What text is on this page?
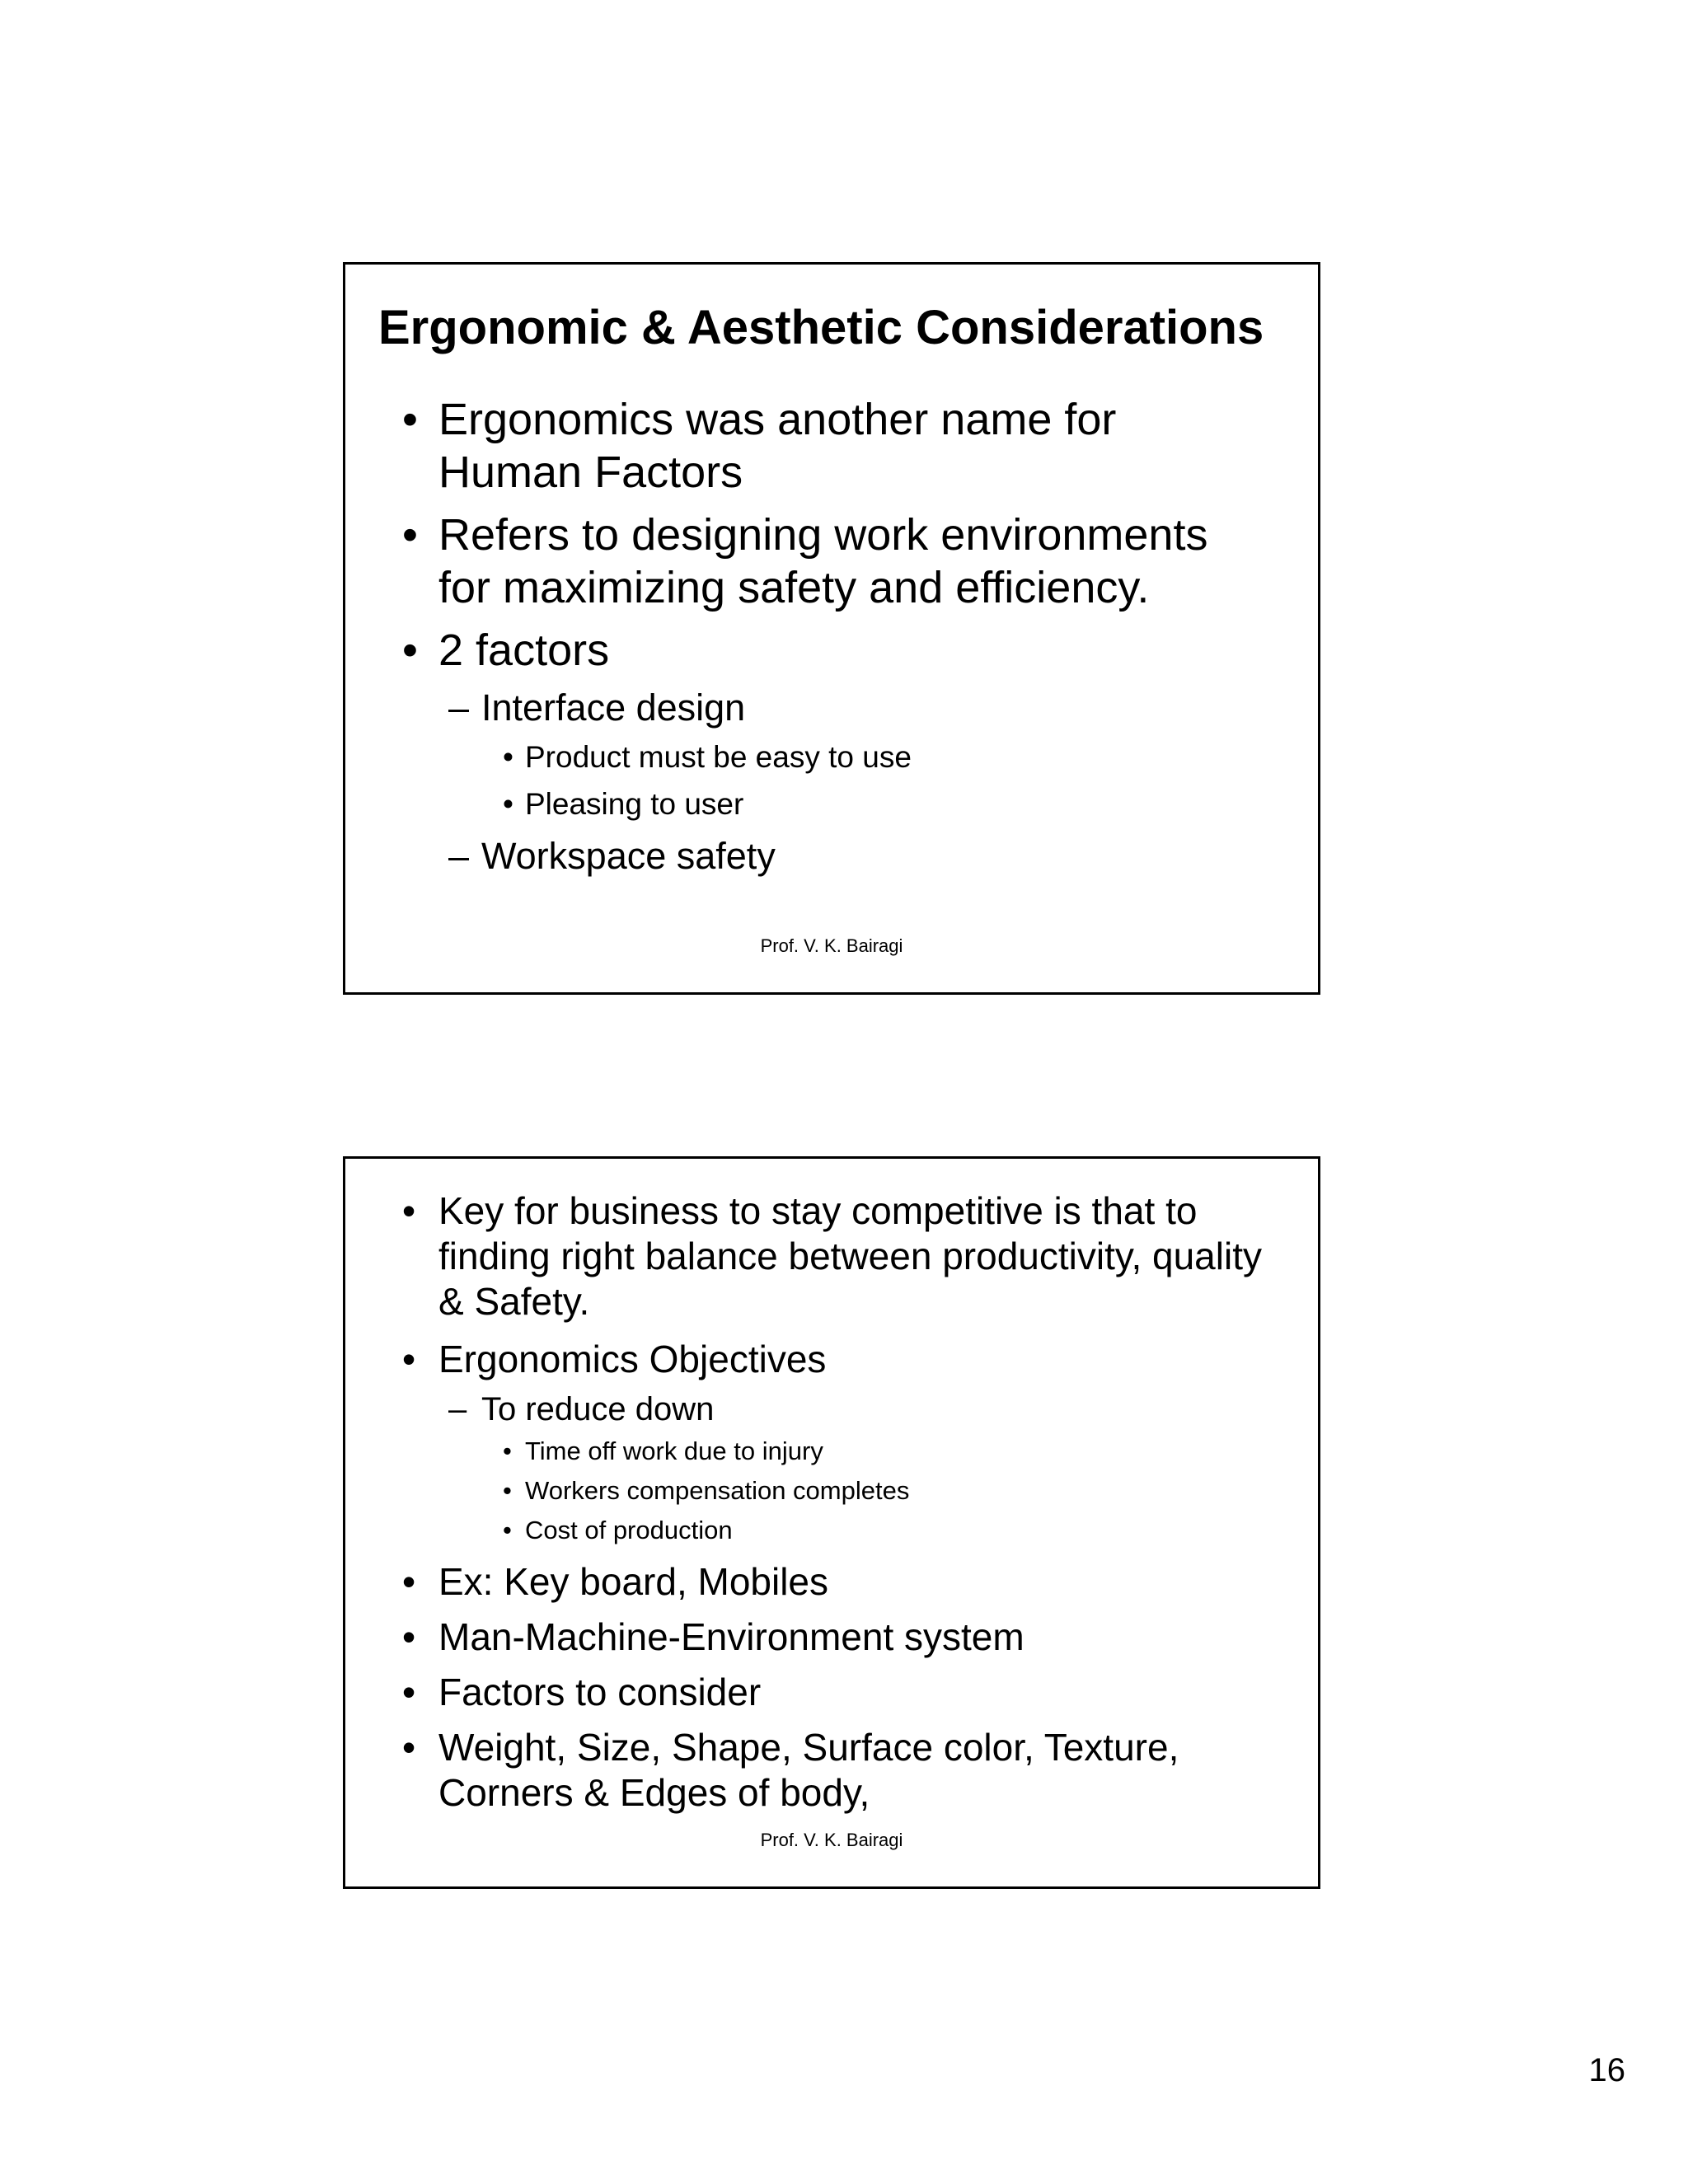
Ergonomic & Aesthetic Considerations
• Ergonomics was another name for Human Factors
• Refers to designing work environments for maximizing safety and efficiency.
• 2 factors
– Interface design
• Product must be easy to use
• Pleasing to user
– Workspace safety

Prof. V. K. Bairagi

• Key for business to stay competitive is that to finding right balance between productivity, quality & Safety.
• Ergonomics Objectives
– To reduce down
• Time off work due to injury
• Workers compensation completes
• Cost of production
• Ex: Key board, Mobiles
• Man-Machine-Environment system
• Factors to consider
• Weight, Size, Shape, Surface color, Texture, Corners & Edges of body,

Prof. V. K. Bairagi

16
